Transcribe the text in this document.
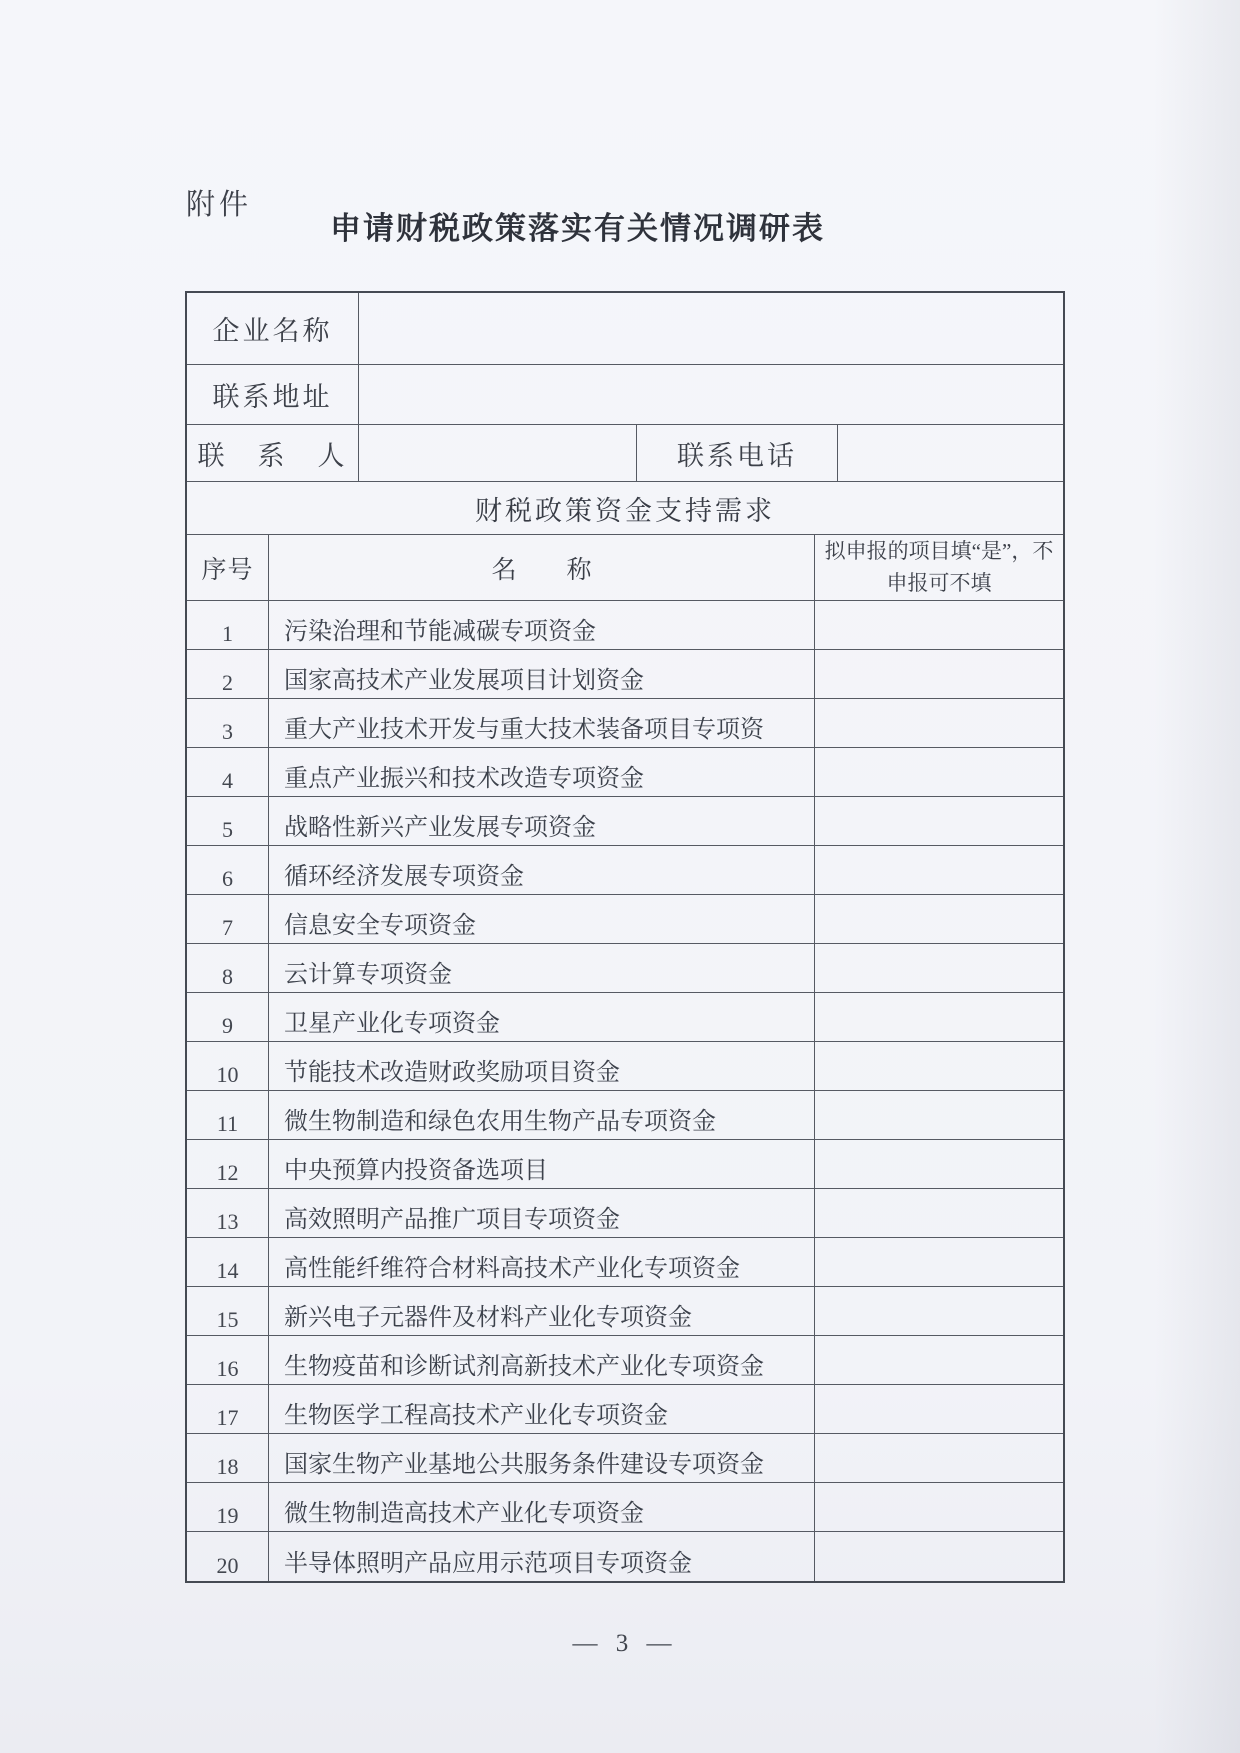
附件
申请财税政策落实有关情况调研表
企业名称
联系地址
联　系　人	联系电话
财税政策资金支持需求
序号	名　　称
拟申报的项目填“是”，不申报可不填
1	污染治理和节能减碳专项资金
2	国家高技术产业发展项目计划资金
3	重大产业技术开发与重大技术装备项目专项资
4	重点产业振兴和技术改造专项资金
5	战略性新兴产业发展专项资金
6	循环经济发展专项资金
7	信息安全专项资金
8	云计算专项资金
9	卫星产业化专项资金
10	节能技术改造财政奖励项目资金
11	微生物制造和绿色农用生物产品专项资金
12	中央预算内投资备选项目
13	高效照明产品推广项目专项资金
14	高性能纤维符合材料高技术产业化专项资金
15	新兴电子元器件及材料产业化专项资金
16	生物疫苗和诊断试剂高新技术产业化专项资金
17	生物医学工程高技术产业化专项资金
18	国家生物产业基地公共服务条件建设专项资金
19	微生物制造高技术产业化专项资金
20	半导体照明产品应用示范项目专项资金
— 3 —
